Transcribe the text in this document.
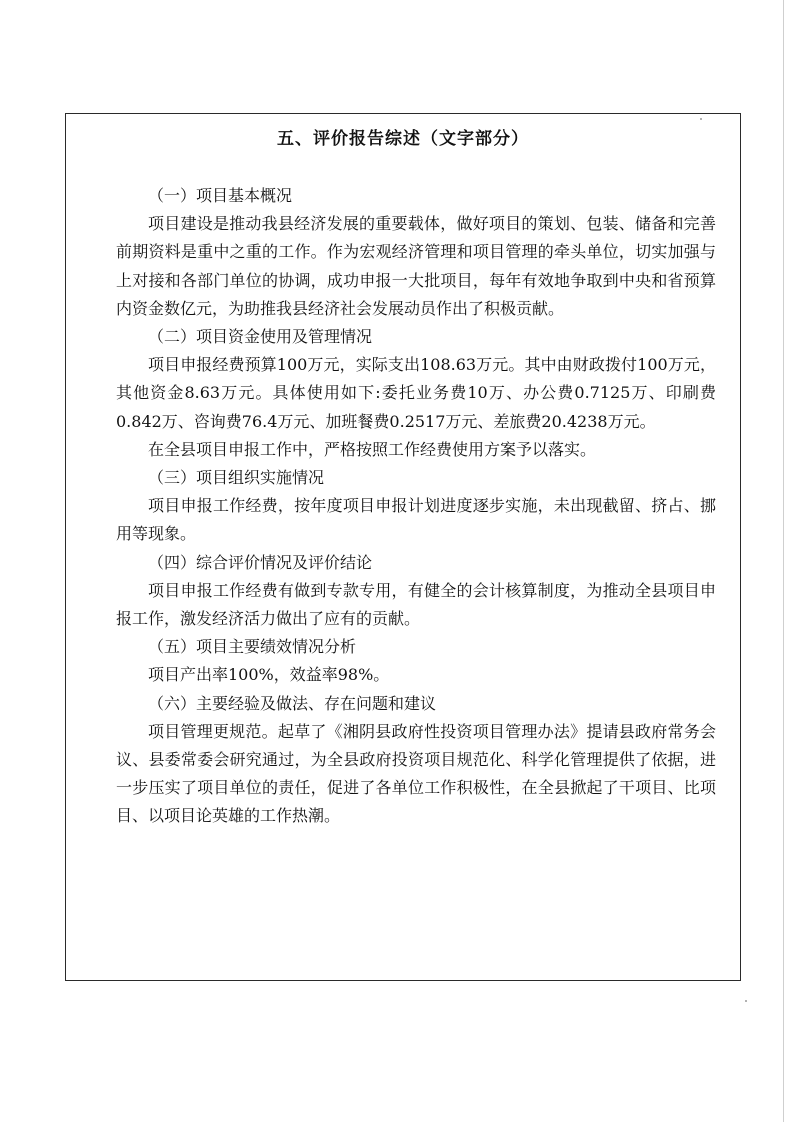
五、评价报告综述（文字部分）

（一）项目基本概况

项目建设是推动我县经济发展的重要载体，做好项目的策划、包装、储备和完善前期资料是重中之重的工作。作为宏观经济管理和项目管理的牵头单位，切实加强与上对接和各部门单位的协调，成功申报一大批项目，每年有效地争取到中央和省预算内资金数亿元，为助推我县经济社会发展动员作出了积极贡献。

（二）项目资金使用及管理情况

项目申报经费预算100万元，实际支出108.63万元。其中由财政拨付100万元，其他资金8.63万元。具体使用如下:委托业务费10万、办公费0.7125万、印刷费0.842万、咨询费76.4万元、加班餐费0.2517万元、差旅费20.4238万元。

在全县项目申报工作中，严格按照工作经费使用方案予以落实。

（三）项目组织实施情况

项目申报工作经费，按年度项目申报计划进度逐步实施，未出现截留、挤占、挪用等现象。

（四）综合评价情况及评价结论

项目申报工作经费有做到专款专用，有健全的会计核算制度，为推动全县项目申报工作，激发经济活力做出了应有的贡献。

（五）项目主要绩效情况分析

项目产出率100%，效益率98%。

（六）主要经验及做法、存在问题和建议

项目管理更规范。起草了《湘阴县政府性投资项目管理办法》提请县政府常务会议、县委常委会研究通过，为全县政府投资项目规范化、科学化管理提供了依据，进一步压实了项目单位的责任，促进了各单位工作积极性，在全县掀起了干项目、比项目、以项目论英雄的工作热潮。
